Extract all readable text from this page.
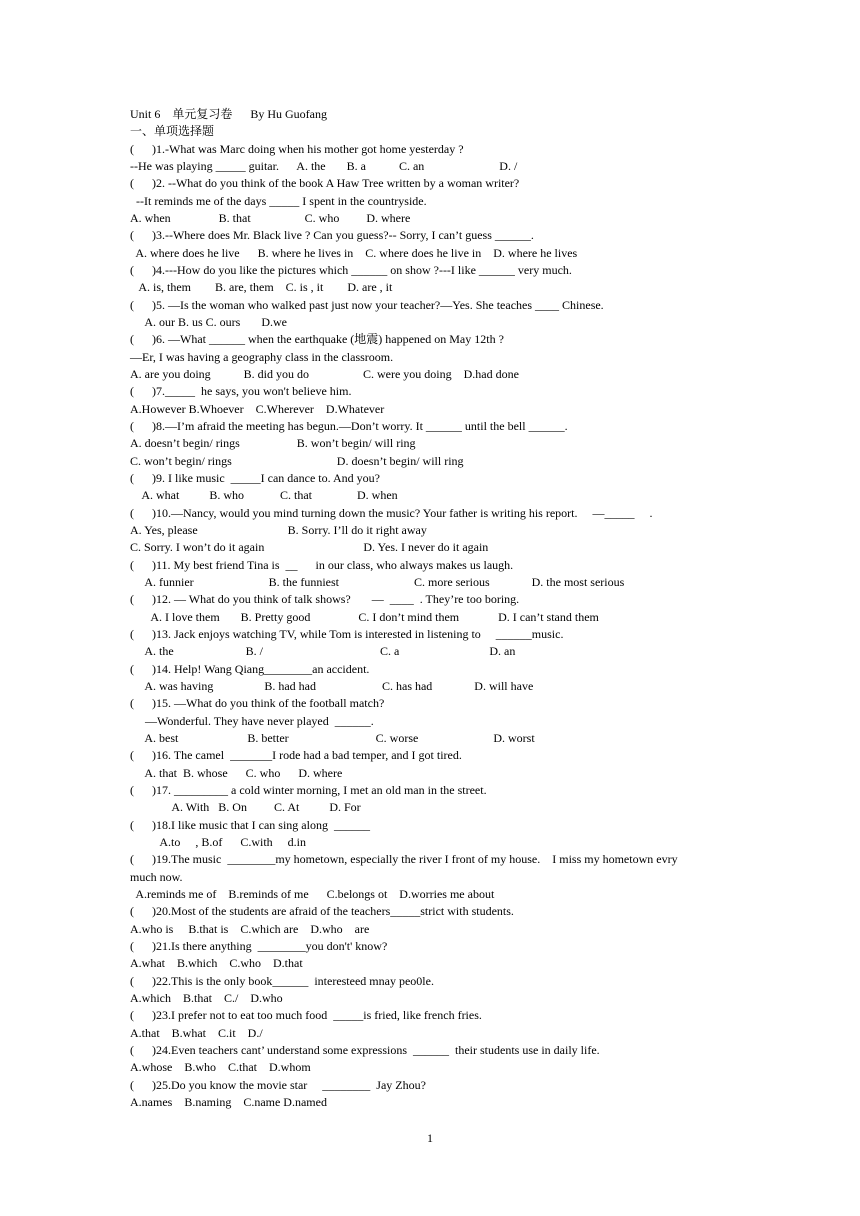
Unit 6    单元复习卷      By Hu Guofang
一、单项选择题
(      )1.-What was Marc doing when his mother got home yesterday ?
--He was playing _____ guitar.      A. the       B. a           C. an                         D. /
(      )2. --What do you think of the book A Haw Tree written by a woman writer?
--It reminds me of the days _____ I spent in the countryside.
A. when                B. that                  C. who         D. where
(      )3.--Where does Mr. Black live ? Can you guess?-- Sorry, I can’t guess ______.
A. where does he live      B. where he lives in    C. where does he live in    D. where he lives
(      )4.---How do you like the pictures which ______ on show ?---I like ______ very much.
A. is, them        B. are, them    C. is , it        D. are , it
(      )5. —Is the woman who walked past just now your teacher?—Yes. She teaches ____ Chinese.
A. our B. us C. ours       D.we
(      )6. —What ______ when the earthquake (地震) happened on May 12th ?
—Er, I was having a geography class in the classroom.
A. are you doing           B. did you do                  C. were you doing    D.had done
(      )7._____  he says, you won't believe him.
A.However B.Whoever    C.Wherever    D.Whatever
(      )8.—I’m afraid the meeting has begun.—Don’t worry. It ______ until the bell ______.
A. doesn’t begin/ rings                   B. won’t begin/ will ring
C. won’t begin/ rings                                   D. doesn’t begin/ will ring
(      )9. I like music  _____I can dance to. And you?
A. what          B. who            C. that               D. when
(      )10.—Nancy, would you mind turning down the music? Your father is writing his report.     —_____     .
A. Yes, please                              B. Sorry. I’ll do it right away
C. Sorry. I won’t do it again                                 D. Yes. I never do it again
(      )11. My best friend Tina is  __      in our class, who always makes us laugh.
A. funnier                         B. the funniest                         C. more serious              D. the most serious
(      )12. — What do you think of talk shows?       —  ____  . They’re too boring.
A. I love them       B. Pretty good                C. I don’t mind them             D. I can’t stand them
(      )13. Jack enjoys watching TV, while Tom is interested in listening to     ______music.
A. the                        B. /                                       C. a                              D. an
(      )14. Help! Wang Qiang________an accident.
A. was having                 B. had had                      C. has had              D. will have
(      )15. —What do you think of the football match?
—Wonderful. They have never played  ______.
A. best                       B. better                             C. worse                         D. worst
(      )16. The camel  _______I rode had a bad temper, and I got tired.
A. that  B. whose      C. who      D. where
(      )17. _________ a cold winter morning, I met an old man in the street.
A. With   B. On         C. At          D. For
(      )18.I like music that I can sing along  ______
A.to     , B.of      C.with     d.in
(      )19.The music  ________my hometown, especially the river I front of my house.    I miss my hometown evry
much now.
A.reminds me of    B.reminds of me      C.belongs ot    D.worries me about
(      )20.Most of the students are afraid of the teachers_____strict with students.
A.who is     B.that is    C.which are    D.who    are
(      )21.Is there anything  ________you don't' know?
A.what    B.which    C.who    D.that
(      )22.This is the only book______  interesteed mnay peo0le.
A.which    B.that    C./    D.who
(      )23.I prefer not to eat too much food  _____is fried, like french fries.
A.that    B.what    C.it    D./
(      )24.Even teachers cant’ understand some expressions  ______  their students use in daily life.
A.whose    B.who    C.that    D.whom
(      )25.Do you know the movie star     ________  Jay Zhou?
A.names    B.naming    C.name D.named
1
